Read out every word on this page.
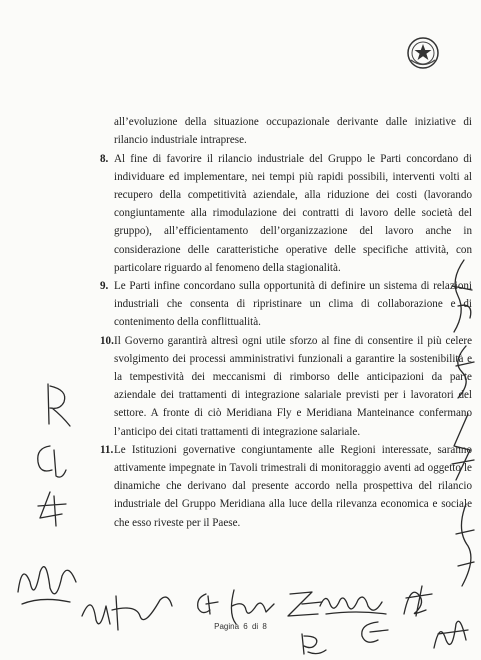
all’evoluzione della situazione occupazionale derivante dalle iniziative di rilancio industriale intraprese.

8. Al fine di favorire il rilancio industriale del Gruppo le Parti concordano di individuare ed implementare, nei tempi più rapidi possibili, interventi volti al recupero della competitività aziendale, alla riduzione dei costi (lavorando congiuntamente alla rimodulazione dei contratti di lavoro delle società del gruppo), all’efficientamento dell’organizzazione del lavoro anche in considerazione delle caratteristiche operative delle specifiche attività, con particolare riguardo al fenomeno della stagionalità.
9. Le Parti infine concordano sulla opportunità di definire un sistema di relazioni industriali che consenta di ripristinare un clima di collaborazione e di contenimento della conflittualità.
10. Il Governo garantirà altresì ogni utile sforzo al fine di consentire il più celere svolgimento dei processi amministrativi funzionali a garantire la sostenibilità e la tempestività dei meccanismi di rimborso delle anticipazioni da parte aziendale dei trattamenti di integrazione salariale previsti per i lavoratori del settore. A fronte di ciò Meridiana Fly e Meridiana Manteinance confermano l’anticipo dei citati trattamenti di integrazione salariale.
11. Le Istituzioni governative congiuntamente alle Regioni interessate, saranno attivamente impegnate in Tavoli trimestrali di monitoraggio aventi ad oggetto le dinamiche che derivano dal presente accordo nella prospettiva del rilancio industriale del Gruppo Meridiana alla luce della rilevanza economica e sociale che esso riveste per il Paese.
Pagina 6 di 8
